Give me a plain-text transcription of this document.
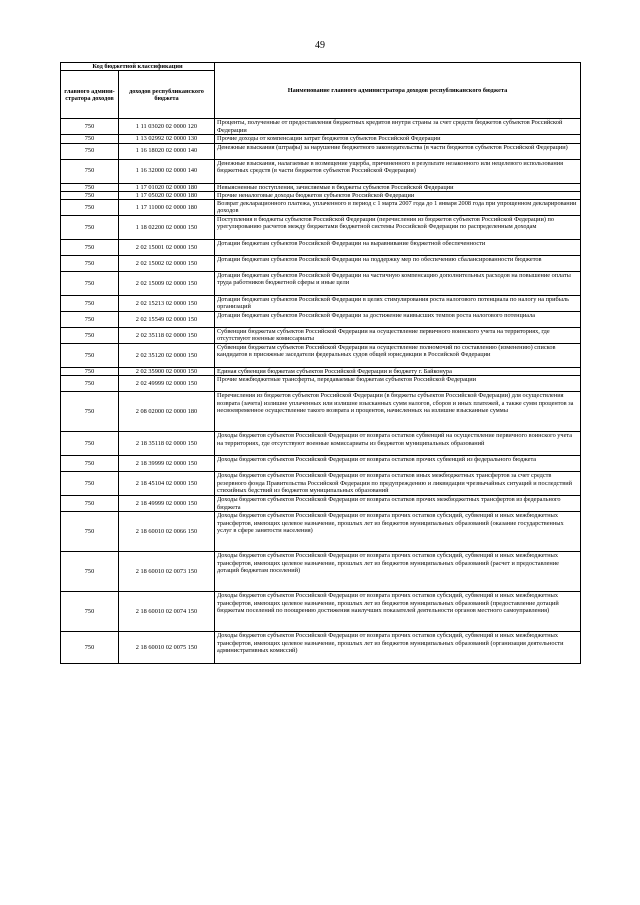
49
Код бюджетной классификации		Наименование главного администратора доходов республиканского бюджета
главного админи-стратора доходов	доходов республиканского бюджета	
750	1 11 03020 02 0000 120	Проценты, полученные от предоставления бюджетных кредитов внутри страны за счет средств бюджетов субъектов Российской Федерации
750	1 13 02992 02 0000 130	Прочие доходы от компенсации затрат бюджетов субъектов Российской Федерации
750	1 16 18020 02 0000 140	Денежные взыскания (штрафы) за нарушение бюджетного законодательства (в части бюджетов субъектов Российской Федерации)
750	1 16 32000 02 0000 140	Денежные взыскания, налагаемые в возмещение ущерба, причиненного в результате незаконного или нецелевого использования бюджетных средств (в части бюджетов субъектов Российской Федерации)
750	1 17 01020 02 0000 180	Невыясненные поступления, зачисляемые в бюджеты субъектов Российской Федерации
750	1 17 05020 02 0000 180	Прочие неналоговые доходы бюджетов субъектов Российской Федерации
750	1 17 11000 02 0000 180	Возврат декларационного платежа, уплаченного в период с 1 марта 2007 года до 1 января 2008 года при упрощенном декларировании доходов
750	1 18 02200 02 0000 150	Поступления в бюджеты субъектов Российской Федерации (перечисления из бюджетов субъектов Российской Федерации) по урегулированию расчетов между бюджетами бюджетной системы Российской Федерации по распределенным доходам
750	2 02 15001 02 0000 150	Дотации бюджетам субъектов Российской Федерации на выравнивание бюджетной обеспеченности
750	2 02 15002 02 0000 150	Дотации бюджетам субъектов Российской Федерации на поддержку мер по обеспечению сбалансированности бюджетов
750	2 02 15009 02 0000 150	Дотации бюджетам субъектов Российской Федерации на частичную компенсацию дополнительных расходов на повышение оплаты труда работников бюджетной сферы и иные цели
750	2 02 15213 02 0000 150	Дотации бюджетам субъектов Российской Федерации в целях стимулирования роста налогового потенциала по налогу на прибыль организаций
750	2 02 15549 02 0000 150	Дотации бюджетам субъектов Российской Федерации за достижение наивысших темпов роста налогового потенциала
750	2 02 35118 02 0000 150	Субвенции бюджетам субъектов Российской Федерации на осуществление первичного воинского учета на территориях, где отсутствуют военные комиссариаты
750	2 02 35120 02 0000 150	Субвенции бюджетам субъектов Российской Федерации на осуществление полномочий по составлению (изменению) списков кандидатов в присяжные заседатели федеральных судов общей юрисдикции в Российской Федерации
750	2 02 35900 02 0000 150	Единая субвенция бюджетам субъектов Российской Федерации и бюджету г. Байконура
750	2 02 49999 02 0000 150	Прочие межбюджетные трансферты, передаваемые бюджетам субъектов Российской Федерации
750	2 08 02000 02 0000 180	Перечисления из бюджетов субъектов Российской Федерации (в бюджеты субъектов Российской Федерации) для осуществления возврата (зачета) излишне уплаченных или излишне взысканных сумм налогов, сборов и иных платежей, а также сумм процентов за несвоевременное осуществление такого возврата и процентов, начисленных на излишне взысканные суммы
750	2 18 35118 02 0000 150	Доходы бюджетов субъектов Российской Федерации от возврата остатков субвенций на осуществление первичного воинского учета на территориях, где отсутствуют военные комиссариаты из бюджетов муниципальных образований
750	2 18 39999 02 0000 150	Доходы бюджетов субъектов Российской Федерации от возврата остатков прочих субвенций из федерального бюджета
750	2 18 45104 02 0000 150	Доходы бюджетов субъектов Российской Федерации от возврата остатков иных межбюджетных трансфертов за счет средств резервного фонда Правительства Российской Федерации по предупреждению и ликвидации чрезвычайных ситуаций и последствий стихийных бедствий из бюджетов муниципальных образований
750	2 18 49999 02 0000 150	Доходы бюджетов субъектов Российской Федерации от возврата остатков прочих межбюджетных трансфертов из федерального бюджета
750	2 18 60010 02 0066 150	Доходы бюджетов субъектов Российской Федерации от возврата прочих остатков субсидий, субвенций и иных межбюджетных трансфертов, имеющих целевое назначение, прошлых лет из бюджетов муниципальных образований (оказание государственных услуг в сфере занятости населения)
750	2 18 60010 02 0073 150	Доходы бюджетов субъектов Российской Федерации от возврата прочих остатков субсидий, субвенций и иных межбюджетных трансфертов, имеющих целевое назначение, прошлых лет из бюджетов муниципальных образований (расчет и предоставление дотаций бюджетам поселений)
750	2 18 60010 02 0074 150	Доходы бюджетов субъектов Российской Федерации от возврата прочих остатков субсидий, субвенций и иных межбюджетных трансфертов, имеющих целевое назначение, прошлых лет из бюджетов муниципальных образований (предоставление дотаций бюджетам поселений по поощрению достижения наилучших показателей деятельности органов местного самоуправления)
750	2 18 60010 02 0075 150	Доходы бюджетов субъектов Российской Федерации от возврата прочих остатков субсидий, субвенций и иных межбюджетных трансфертов, имеющих целевое назначение, прошлых лет из бюджетов муниципальных образований (организация деятельности административных комиссий)
